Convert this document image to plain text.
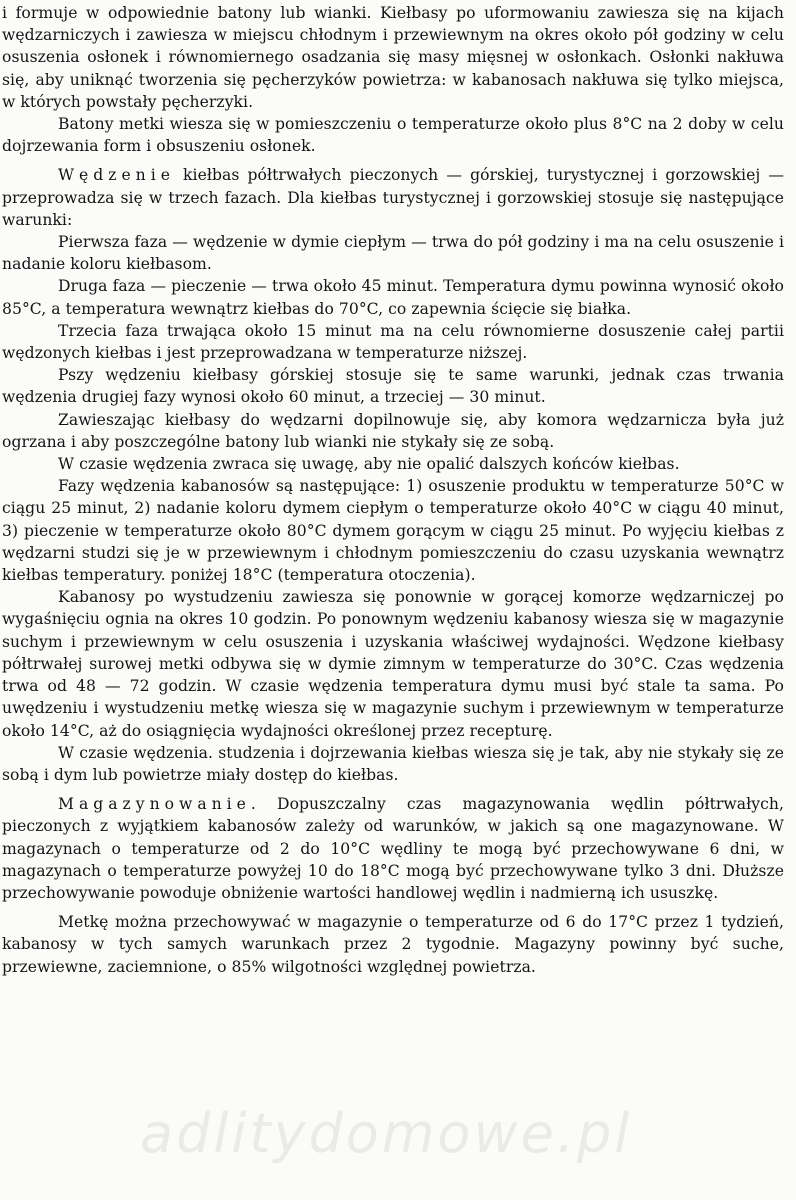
i formuje w odpowiednie batony lub wianki. Kiełbasy po uformowaniu zawiesza się na kijach wędzarniczych i zawiesza w miejscu chłodnym i przewiewnym na okres około pół godziny w celu osuszenia osłonek i równomiernego osadzania się masy mięsnej w osłonkach. Osłonki nakłuwa się, aby uniknąć tworzenia się pęcherzyków powietrza: w kabanosach nakłuwa się tylko miejsca, w których powstały pęcherzyki.

Batony metki wiesza się w pomieszczeniu o temperaturze około plus 8°C na 2 doby w celu dojrzewania form i obsuszeniu osłonek.

Wędzenie kiełbas półtrwałych pieczonych — górskiej, turystycznej i gorzowskiej — przeprowadza się w trzech fazach. Dla kiełbas turystycznej i gorzowskiej stosuje się następujące warunki:

Pierwsza faza — wędzenie w dymie ciepłym — trwa do pół godziny i ma na celu osuszenie i nadanie koloru kiełbasom.

Druga faza — pieczenie — trwa około 45 minut. Temperatura dymu powinna wynosić około 85°C, a temperatura wewnątrz kiełbas do 70°C, co zapewnia ścięcie się białka.

Trzecia faza trwająca około 15 minut ma na celu równomierne dosuszenie całej partii wędzonych kiełbas i jest przeprowadzana w temperaturze niższej.

Pszy wędzeniu kiełbasy górskiej stosuje się te same warunki, jednak czas trwania wędzenia drugiej fazy wynosi około 60 minut, a trzeciej — 30 minut.

Zawieszając kiełbasy do wędzarni dopilnowuje się, aby komora wędzarnicza była już ogrzana i aby poszczególne batony lub wianki nie stykały się ze sobą.

W czasie wędzenia zwraca się uwagę, aby nie opalić dalszych końców kiełbas.

Fazy wędzenia kabanosów są następujące: 1) osuszenie produktu w temperaturze 50°C w ciągu 25 minut, 2) nadanie koloru dymem ciepłym o temperaturze około 40°C w ciągu 40 minut, 3) pieczenie w temperaturze około 80°C dymem gorącym w ciągu 25 minut. Po wyjęciu kiełbas z wędzarni studzi się je w przewiewnym i chłodnym pomieszczeniu do czasu uzyskania wewnątrz kiełbas temperatury. poniżej 18°C (temperatura otoczenia).

Kabanosy po wystudzeniu zawiesza się ponownie w gorącej komorze wędzarniczej po wygaśnięciu ognia na okres 10 godzin. Po ponownym wędzeniu kabanosy wiesza się w magazynie suchym i przewiewnym w celu osuszenia i uzyskania właściwej wydajności. Wędzone kiełbasy półtrwałej surowej metki odbywa się w dymie zimnym w temperaturze do 30°C. Czas wędzenia trwa od 48 — 72 godzin. W czasie wędzenia temperatura dymu musi być stale ta sama. Po uwędzeniu i wystudzeniu metkę wiesza się w magazynie suchym i przewiewnym w temperaturze około 14°C, aż do osiągnięcia wydajności określonej przez recepturę.

W czasie wędzenia. studzenia i dojrzewania kiełbas wiesza się je tak, aby nie stykały się ze sobą i dym lub powietrze miały dostęp do kiełbas.

Magazynowanie. Dopuszczalny czas magazynowania wędlin półtrwałych, pieczonych z wyjątkiem kabanosów zależy od warunków, w jakich są one magazynowane. W magazynach o temperaturze od 2 do 10°C wędliny te mogą być przechowywane 6 dni, w magazynach o temperaturze powyżej 10 do 18°C mogą być przechowywane tylko 3 dni. Dłuższe przechowywanie powoduje obniżenie wartości handlowej wędlin i nadmierną ich ususzkę.

Metkę można przechowywać w magazynie o temperaturze od 6 do 17°C przez 1 tydzień, kabanosy w tych samych warunkach przez 2 tygodnie. Magazyny powinny być suche, przewiewne, zaciemnione, o 85% wilgotności względnej powietrza.

adlitydomowe.pl
